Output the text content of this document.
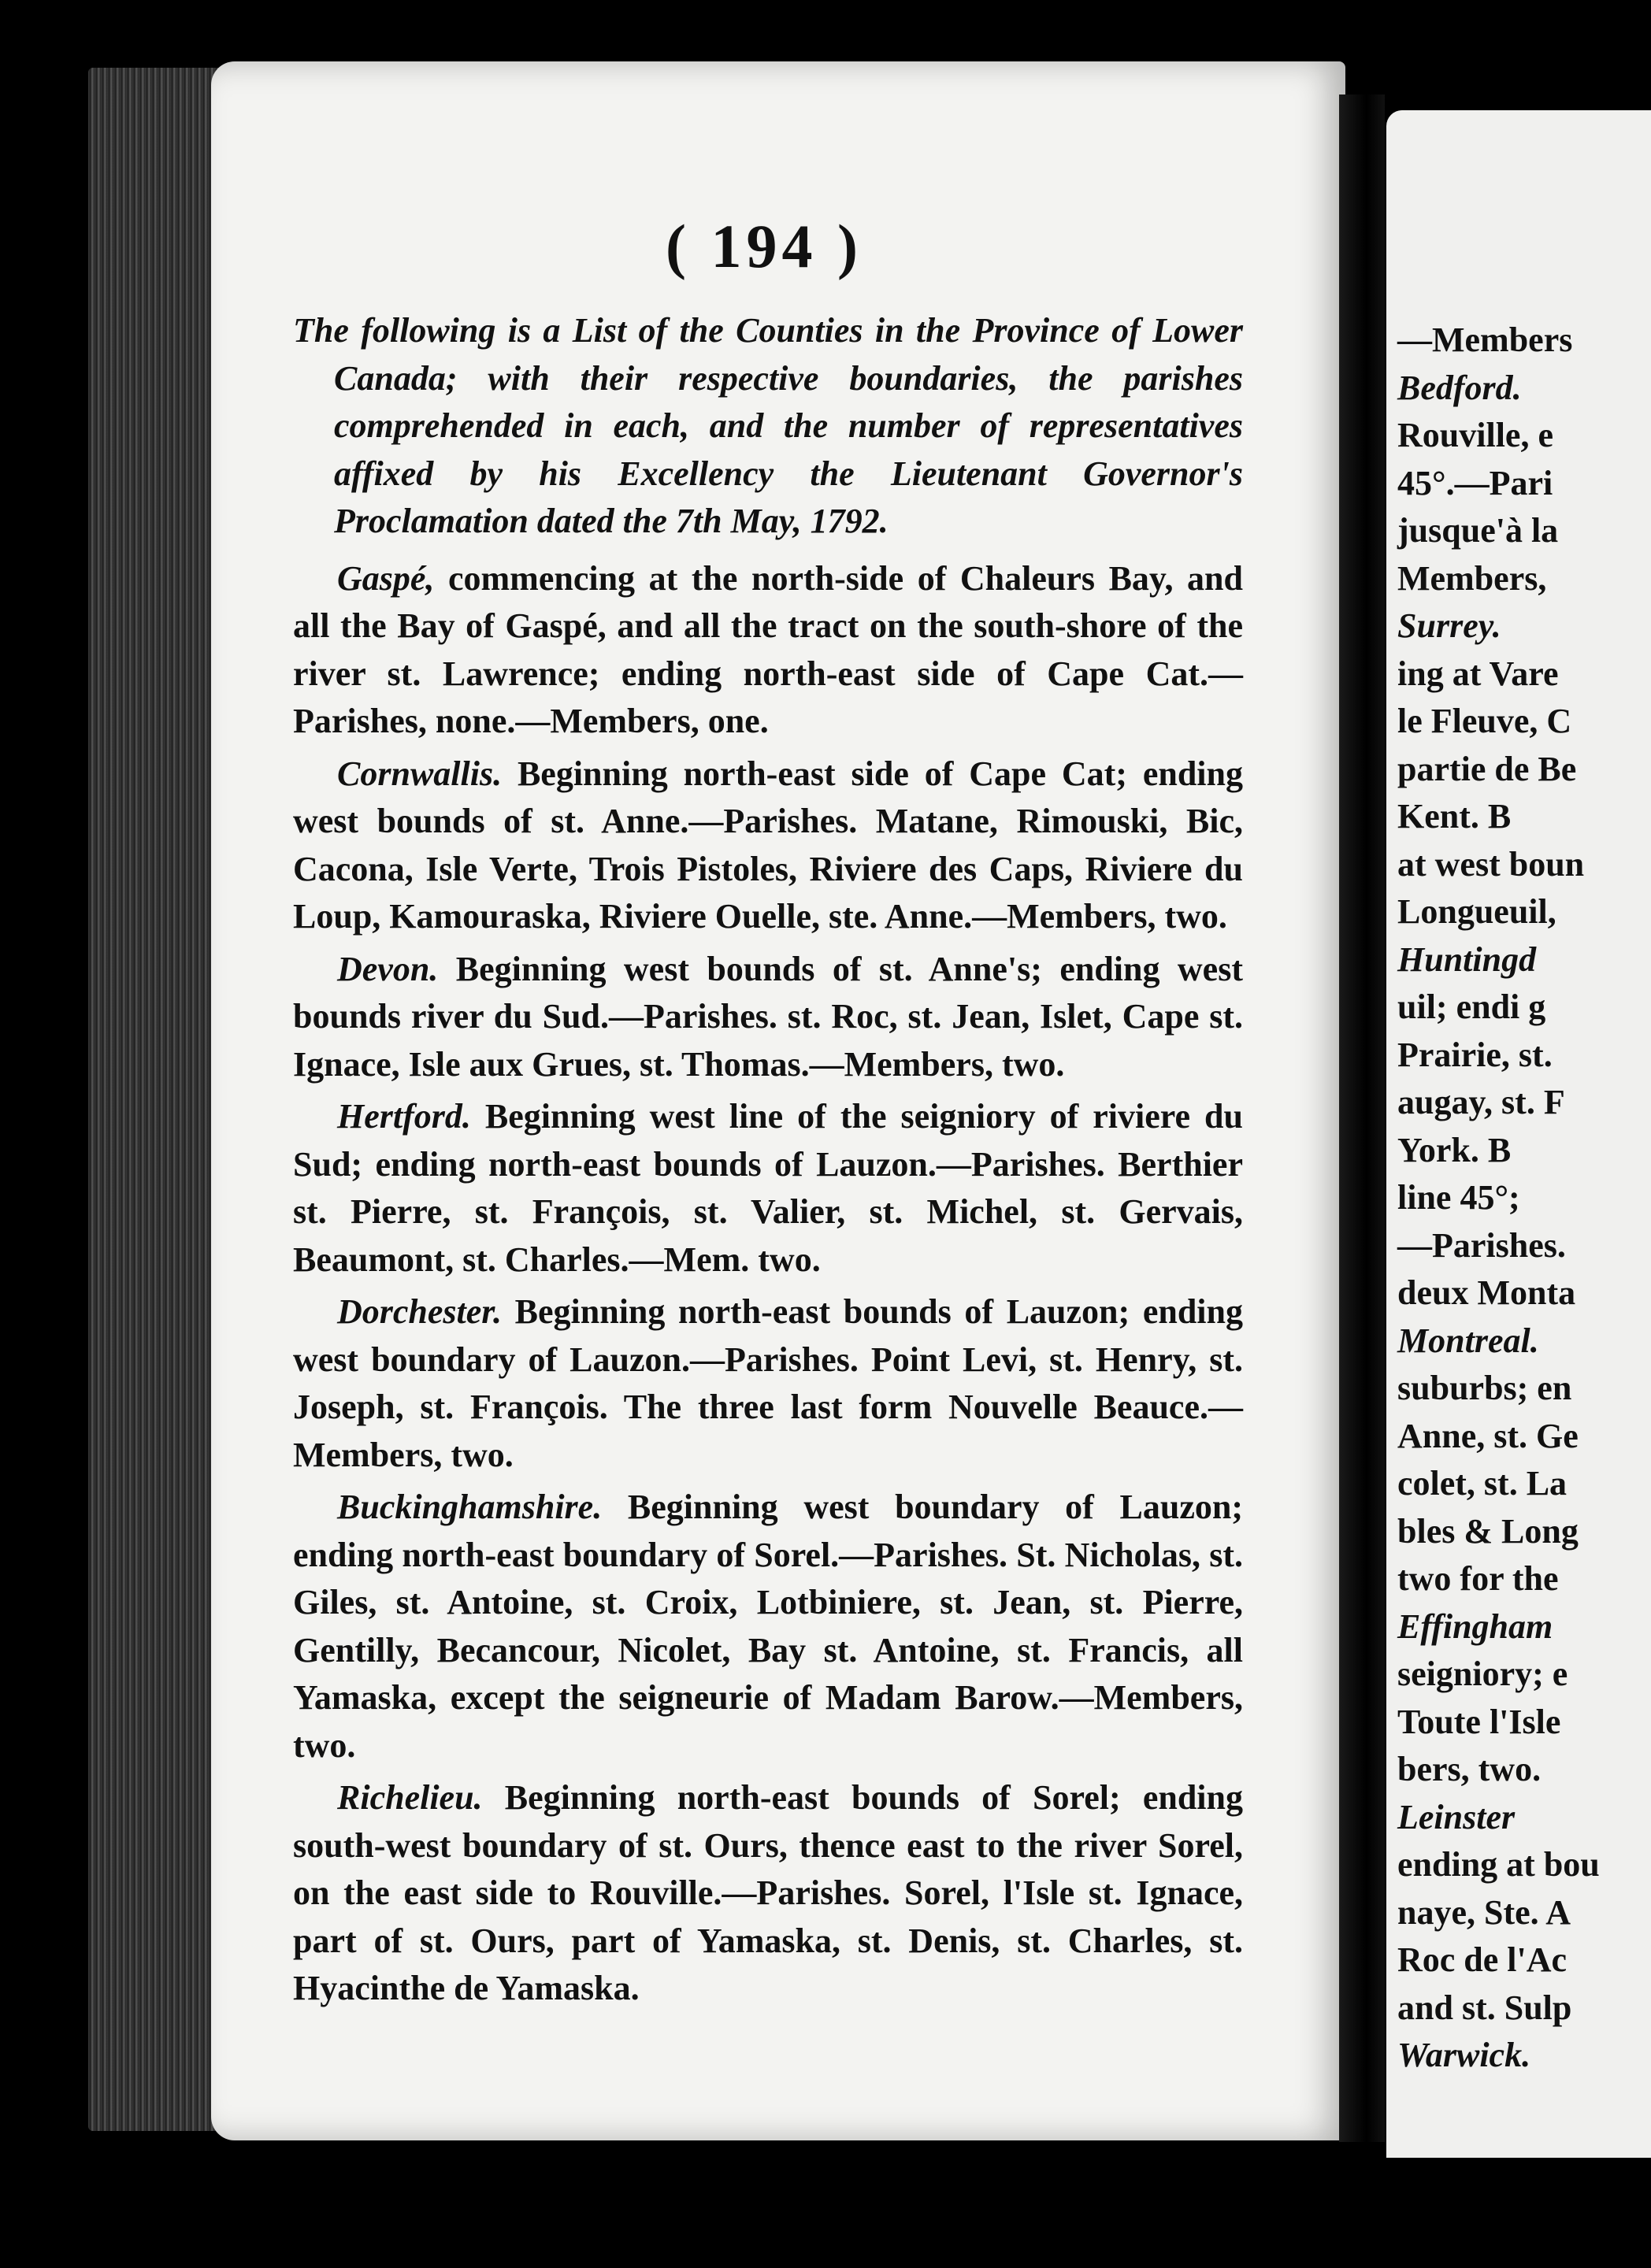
—Members
Bedford.
Rouville, e
45°.—Pari
jusque'à la
Members,
Surrey.
ing at Vare
le Fleuve, C
partie de Be
Kent. B
at west boun
Longueuil,
Huntingd
uil; endi g
Prairie, st.
augay, st. F
York. B
line 45°;
—Parishes.
deux Monta
Montreal.
suburbs; en
Anne, st. Ge
colet, st. La
bles & Long
two for the
Effingham
seigniory; e
Toute l'Isle
bers, two.
Leinster
ending at bou
naye, Ste. A
Roc de l'Ac
and st. Sulp
Warwick.
( 194 )

The following is a List of the Counties in the Province of Lower Canada; with their respective boundaries, the parishes comprehended in each, and the number of representatives affixed by his Excellency the Lieutenant Governor's Proclamation dated the 7th May, 1792.

Gaspé, commencing at the north-side of Chaleurs Bay, and all the Bay of Gaspé, and all the tract on the south-shore of the river st. Lawrence; ending north-east side of Cape Cat.—Parishes, none.—Members, one.

Cornwallis. Beginning north-east side of Cape Cat; ending west bounds of st. Anne.—Parishes. Matane, Rimouski, Bic, Cacona, Isle Verte, Trois Pistoles, Riviere des Caps, Riviere du Loup, Kamouraska, Riviere Ouelle, ste. Anne.—Members, two.

Devon. Beginning west bounds of st. Anne's; ending west bounds river du Sud.—Parishes. st. Roc, st. Jean, Islet, Cape st. Ignace, Isle aux Grues, st. Thomas.—Members, two.

Hertford. Beginning west line of the seigniory of riviere du Sud; ending north-east bounds of Lauzon.—Parishes. Berthier st. Pierre, st. François, st. Valier, st. Michel, st. Gervais, Beaumont, st. Charles.—Mem. two.

Dorchester. Beginning north-east bounds of Lauzon; ending west boundary of Lauzon.—Parishes. Point Levi, st. Henry, st. Joseph, st. François. The three last form Nouvelle Beauce.—Members, two.

Buckinghamshire. Beginning west boundary of Lauzon; ending north-east boundary of Sorel.—Parishes. St. Nicholas, st. Giles, st. Antoine, st. Croix, Lotbiniere, st. Jean, st. Pierre, Gentilly, Becancour, Nicolet, Bay st. Antoine, st. Francis, all Yamaska, except the seigneurie of Madam Barow.—Members, two.

Richelieu. Beginning north-east bounds of Sorel; ending south-west boundary of st. Ours, thence east to the river Sorel, on the east side to Rouville.—Parishes. Sorel, l'Isle st. Ignace, part of st. Ours, part of Yamaska, st. Denis, st. Charles, st. Hyacinthe de Yamaska.
